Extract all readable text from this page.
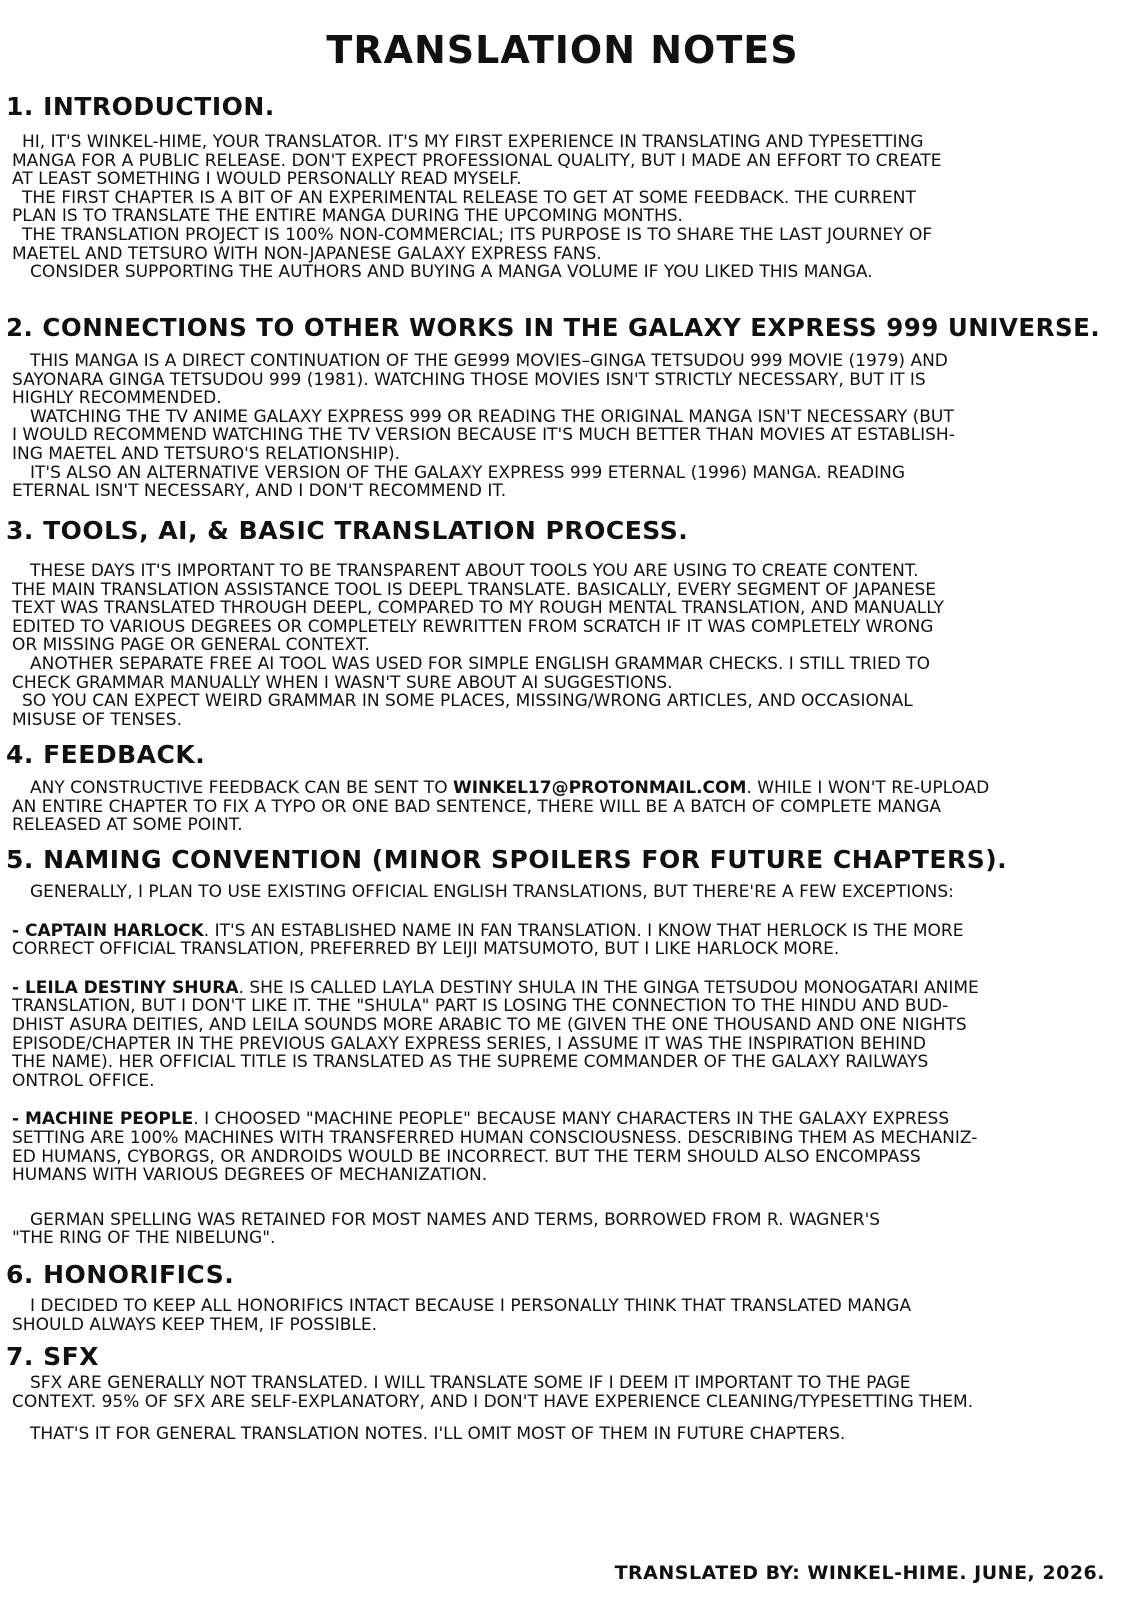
TRANSLATION NOTES
1. INTRODUCTION.
HI, IT'S WINKEL-HIME, YOUR TRANSLATOR. IT'S MY FIRST EXPERIENCE IN TRANSLATING AND TYPESETTING
MANGA FOR A PUBLIC RELEASE. DON'T EXPECT PROFESSIONAL QUALITY, BUT I MADE AN EFFORT TO CREATE
AT LEAST SOMETHING I WOULD PERSONALLY READ MYSELF.
THE FIRST CHAPTER IS A BIT OF AN EXPERIMENTAL RELEASE TO GET AT SOME FEEDBACK. THE CURRENT
PLAN IS TO TRANSLATE THE ENTIRE MANGA DURING THE UPCOMING MONTHS.
THE TRANSLATION PROJECT IS 100% NON-COMMERCIAL; ITS PURPOSE IS TO SHARE THE LAST JOURNEY OF
MAETEL AND TETSURO WITH NON-JAPANESE GALAXY EXPRESS FANS.
CONSIDER SUPPORTING THE AUTHORS AND BUYING A MANGA VOLUME IF YOU LIKED THIS MANGA.
2. CONNECTIONS TO OTHER WORKS IN THE GALAXY EXPRESS 999 UNIVERSE.
THIS MANGA IS A DIRECT CONTINUATION OF THE GE999 MOVIES–GINGA TETSUDOU 999 MOVIE (1979) AND
SAYONARA GINGA TETSUDOU 999 (1981). WATCHING THOSE MOVIES ISN'T STRICTLY NECESSARY, BUT IT IS
HIGHLY RECOMMENDED.
WATCHING THE TV ANIME GALAXY EXPRESS 999 OR READING THE ORIGINAL MANGA ISN'T NECESSARY (BUT
I WOULD RECOMMEND WATCHING THE TV VERSION BECAUSE IT'S MUCH BETTER THAN MOVIES AT ESTABLISH-
ING MAETEL AND TETSURO'S RELATIONSHIP).
IT'S ALSO AN ALTERNATIVE VERSION OF THE GALAXY EXPRESS 999 ETERNAL (1996) MANGA. READING
ETERNAL ISN'T NECESSARY, AND I DON'T RECOMMEND IT.
3. TOOLS, AI, & BASIC TRANSLATION PROCESS.
THESE DAYS IT'S IMPORTANT TO BE TRANSPARENT ABOUT TOOLS YOU ARE USING TO CREATE CONTENT.
THE MAIN TRANSLATION ASSISTANCE TOOL IS DEEPL TRANSLATE. BASICALLY, EVERY SEGMENT OF JAPANESE
TEXT WAS TRANSLATED THROUGH DEEPL, COMPARED TO MY ROUGH MENTAL TRANSLATION, AND MANUALLY
EDITED TO VARIOUS DEGREES OR COMPLETELY REWRITTEN FROM SCRATCH IF IT WAS COMPLETELY WRONG
OR MISSING PAGE OR GENERAL CONTEXT.
ANOTHER SEPARATE FREE AI TOOL WAS USED FOR SIMPLE ENGLISH GRAMMAR CHECKS. I STILL TRIED TO
CHECK GRAMMAR MANUALLY WHEN I WASN'T SURE ABOUT AI SUGGESTIONS.
SO YOU CAN EXPECT WEIRD GRAMMAR IN SOME PLACES, MISSING/WRONG ARTICLES, AND OCCASIONAL
MISUSE OF TENSES.
4. FEEDBACK.
ANY CONSTRUCTIVE FEEDBACK CAN BE SENT TO WINKEL17@PROTONMAIL.COM. WHILE I WON'T RE-UPLOAD
AN ENTIRE CHAPTER TO FIX A TYPO OR ONE BAD SENTENCE, THERE WILL BE A BATCH OF COMPLETE MANGA
RELEASED AT SOME POINT.
5. NAMING CONVENTION (MINOR SPOILERS FOR FUTURE CHAPTERS).
GENERALLY, I PLAN TO USE EXISTING OFFICIAL ENGLISH TRANSLATIONS, BUT THERE'RE A FEW EXCEPTIONS:
- CAPTAIN HARLOCK. IT'S AN ESTABLISHED NAME IN FAN TRANSLATION. I KNOW THAT HERLOCK IS THE MORE
CORRECT OFFICIAL TRANSLATION, PREFERRED BY LEIJI MATSUMOTO, BUT I LIKE HARLOCK MORE.
- LEILA DESTINY SHURA. SHE IS CALLED LAYLA DESTINY SHULA IN THE GINGA TETSUDOU MONOGATARI ANIME
TRANSLATION, BUT I DON'T LIKE IT. THE "SHULA" PART IS LOSING THE CONNECTION TO THE HINDU AND BUD-
DHIST ASURA DEITIES, AND LEILA SOUNDS MORE ARABIC TO ME (GIVEN THE ONE THOUSAND AND ONE NIGHTS
EPISODE/CHAPTER IN THE PREVIOUS GALAXY EXPRESS SERIES, I ASSUME IT WAS THE INSPIRATION BEHIND
THE NAME). HER OFFICIAL TITLE IS TRANSLATED AS THE SUPREME COMMANDER OF THE GALAXY RAILWAYS
ONTROL OFFICE.
- MACHINE PEOPLE. I CHOOSED "MACHINE PEOPLE" BECAUSE MANY CHARACTERS IN THE GALAXY EXPRESS
SETTING ARE 100% MACHINES WITH TRANSFERRED HUMAN CONSCIOUSNESS. DESCRIBING THEM AS MECHANIZ-
ED HUMANS, CYBORGS, OR ANDROIDS WOULD BE INCORRECT. BUT THE TERM SHOULD ALSO ENCOMPASS
HUMANS WITH VARIOUS DEGREES OF MECHANIZATION.
GERMAN SPELLING WAS RETAINED FOR MOST NAMES AND TERMS, BORROWED FROM R. WAGNER'S
"THE RING OF THE NIBELUNG".
6. HONORIFICS.
I DECIDED TO KEEP ALL HONORIFICS INTACT BECAUSE I PERSONALLY THINK THAT TRANSLATED MANGA
SHOULD ALWAYS KEEP THEM, IF POSSIBLE.
7. SFX
SFX ARE GENERALLY NOT TRANSLATED. I WILL TRANSLATE SOME IF I DEEM IT IMPORTANT TO THE PAGE
CONTEXT. 95% OF SFX ARE SELF-EXPLANATORY, AND I DON'T HAVE EXPERIENCE CLEANING/TYPESETTING THEM.
THAT'S IT FOR GENERAL TRANSLATION NOTES. I'LL OMIT MOST OF THEM IN FUTURE CHAPTERS.
TRANSLATED BY: WINKEL-HIME. JUNE, 2026.
